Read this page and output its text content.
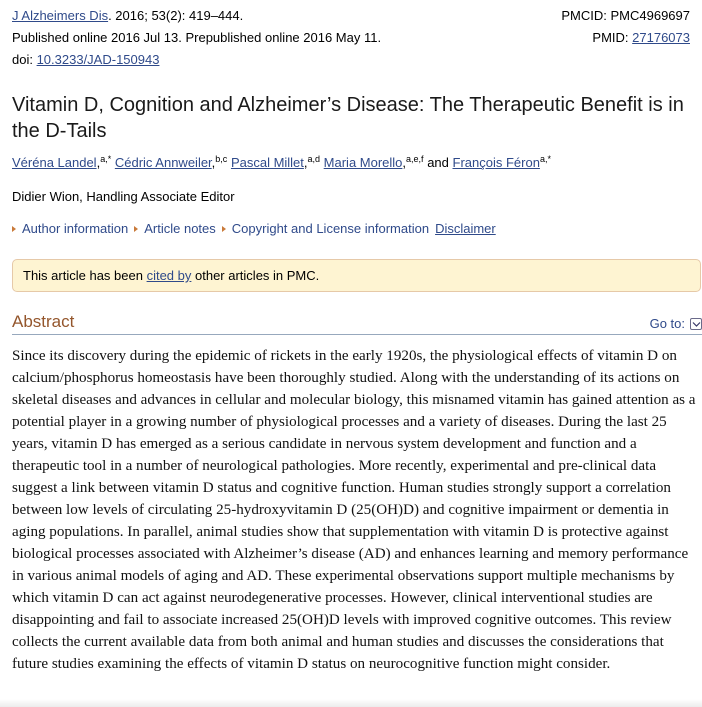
J Alzheimers Dis. 2016; 53(2): 419–444.	PMCID: PMC4969697
Published online 2016 Jul 13. Prepublished online 2016 May 11.	PMID: 27176073
doi: 10.3233/JAD-150943
Vitamin D, Cognition and Alzheimer’s Disease: The Therapeutic Benefit is in the D-Tails
Véréna Landel,$^{a,*}$ Cédric Annweiler,$^{b,c}$ Pascal Millet,$^{a,d}$ Maria Morello,$^{a,e,f}$ and François Féron$^{a,*}$
Didier Wion, Handling Associate Editor
Author information Article notes Copyright and License information Disclaimer
This article has been cited by other articles in PMC.
Abstract	Go to:

Since its discovery during the epidemic of rickets in the early 1920s, the physiological effects of vitamin D on calcium/phosphorus homeostasis have been thoroughly studied. Along with the understanding of its actions on skeletal diseases and advances in cellular and molecular biology, this misnamed vitamin has gained attention as a potential player in a growing number of physiological processes and a variety of diseases. During the last 25 years, vitamin D has emerged as a serious candidate in nervous system development and function and a therapeutic tool in a number of neurological pathologies. More recently, experimental and pre-clinical data suggest a link between vitamin D status and cognitive function. Human studies strongly support a correlation between low levels of circulating 25-hydroxyvitamin D (25(OH)D) and cognitive impairment or dementia in aging populations. In parallel, animal studies show that supplementation with vitamin D is protective against biological processes associated with Alzheimer’s disease (AD) and enhances learning and memory performance in various animal models of aging and AD. These experimental observations support multiple mechanisms by which vitamin D can act against neurodegenerative processes. However, clinical interventional studies are disappointing and fail to associate increased 25(OH)D levels with improved cognitive outcomes. This review collects the current available data from both animal and human studies and discusses the considerations that future studies examining the effects of vitamin D status on neurocognitive function might consider.
